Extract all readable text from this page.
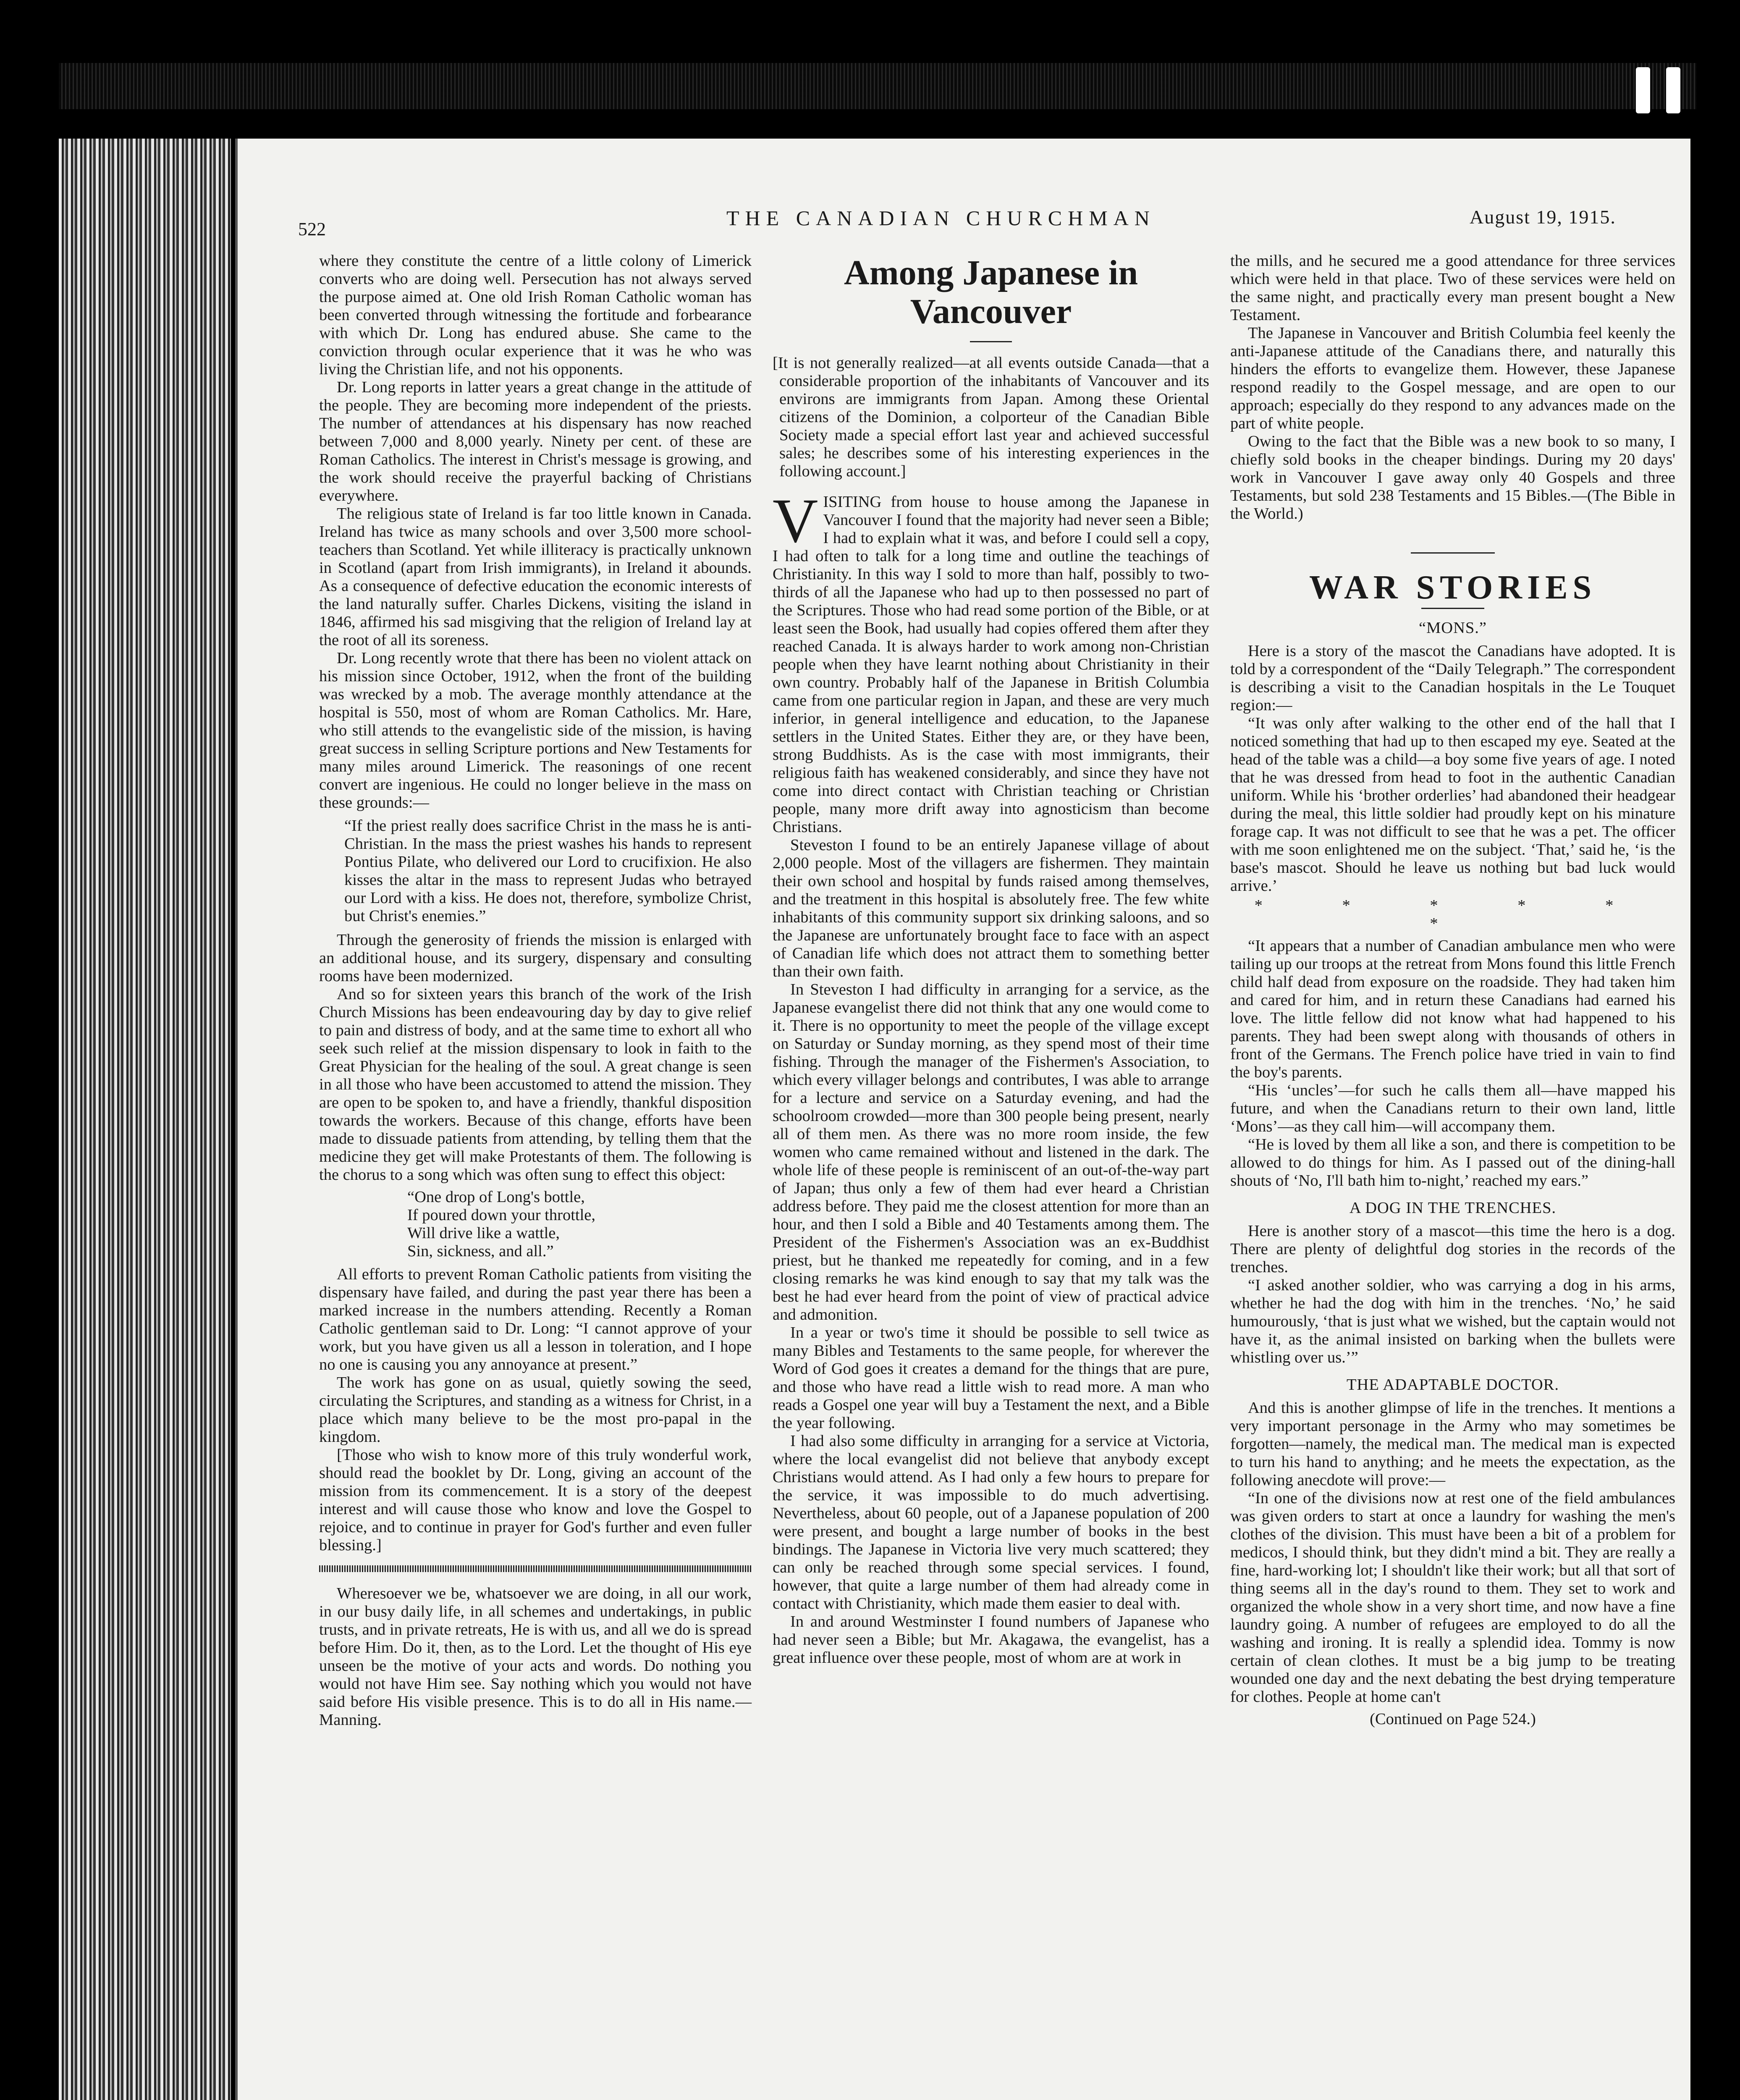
522	THE CANADIAN CHURCHMAN	August 19, 1915.

where they constitute the centre of a little colony of Limerick converts who are doing well. Persecution has not always served the purpose aimed at. One old Irish Roman Catholic woman has been converted through witnessing the fortitude and forbearance with which Dr. Long has endured abuse. She came to the conviction through ocular experience that it was he who was living the Christian life, and not his opponents.

Dr. Long reports in latter years a great change in the attitude of the people. They are becoming more independent of the priests. The number of attendances at his dispensary has now reached between 7,000 and 8,000 yearly. Ninety per cent. of these are Roman Catholics. The interest in Christ's message is growing, and the work should receive the prayerful backing of Christians everywhere.

The religious state of Ireland is far too little known in Canada. Ireland has twice as many schools and over 3,500 more school-teachers than Scotland. Yet while illiteracy is practically unknown in Scotland (apart from Irish immigrants), in Ireland it abounds. As a consequence of defective education the economic interests of the land naturally suffer. Charles Dickens, visiting the island in 1846, affirmed his sad misgiving that the religion of Ireland lay at the root of all its soreness.

Dr. Long recently wrote that there has been no violent attack on his mission since October, 1912, when the front of the building was wrecked by a mob. The average monthly attendance at the hospital is 550, most of whom are Roman Catholics. Mr. Hare, who still attends to the evangelistic side of the mission, is having great success in selling Scripture portions and New Testaments for many miles around Limerick. The reasonings of one recent convert are ingenious. He could no longer believe in the mass on these grounds:—

“If the priest really does sacrifice Christ in the mass he is anti-Christian. In the mass the priest washes his hands to represent Pontius Pilate, who delivered our Lord to crucifixion. He also kisses the altar in the mass to represent Judas who betrayed our Lord with a kiss. He does not, therefore, symbolize Christ, but Christ's enemies.”

Through the generosity of friends the mission is enlarged with an additional house, and its surgery, dispensary and consulting rooms have been modernized.

And so for sixteen years this branch of the work of the Irish Church Missions has been endeavouring day by day to give relief to pain and distress of body, and at the same time to exhort all who seek such relief at the mission dispensary to look in faith to the Great Physician for the healing of the soul. A great change is seen in all those who have been accustomed to attend the mission. They are open to be spoken to, and have a friendly, thankful disposition towards the workers. Because of this change, efforts have been made to dissuade patients from attending, by telling them that the medicine they get will make Protestants of them. The following is the chorus to a song which was often sung to effect this object:

“One drop of Long's bottle,
If poured down your throttle,
Will drive like a wattle,
Sin, sickness, and all.”

All efforts to prevent Roman Catholic patients from visiting the dispensary have failed, and during the past year there has been a marked increase in the numbers attending. Recently a Roman Catholic gentleman said to Dr. Long: “I cannot approve of your work, but you have given us all a lesson in toleration, and I hope no one is causing you any annoyance at present.”

The work has gone on as usual, quietly sowing the seed, circulating the Scriptures, and standing as a witness for Christ, in a place which many believe to be the most pro-papal in the kingdom.

[Those who wish to know more of this truly wonderful work, should read the booklet by Dr. Long, giving an account of the mission from its commencement. It is a story of the deepest interest and will cause those who know and love the Gospel to rejoice, and to continue in prayer for God's further and even fuller blessing.]

Wheresoever we be, whatsoever we are doing, in all our work, in our busy daily life, in all schemes and undertakings, in public trusts, and in private retreats, He is with us, and all we do is spread before Him. Do it, then, as to the Lord. Let the thought of His eye unseen be the motive of your acts and words. Do nothing you would not have Him see. Say nothing which you would not have said before His visible presence. This is to do all in His name.—Manning.

Among Japanese in Vancouver

[It is not generally realized—at all events outside Canada—that a considerable proportion of the inhabitants of Vancouver and its environs are immigrants from Japan. Among these Oriental citizens of the Dominion, a colporteur of the Canadian Bible Society made a special effort last year and achieved successful sales; he describes some of his interesting experiences in the following account.]

VISITING from house to house among the Japanese in Vancouver I found that the majority had never seen a Bible; I had to explain what it was, and before I could sell a copy, I had often to talk for a long time and outline the teachings of Christianity. In this way I sold to more than half, possibly to two-thirds of all the Japanese who had up to then possessed no part of the Scriptures. Those who had read some portion of the Bible, or at least seen the Book, had usually had copies offered them after they reached Canada. It is always harder to work among non-Christian people when they have learnt nothing about Christianity in their own country. Probably half of the Japanese in British Columbia came from one particular region in Japan, and these are very much inferior, in general intelligence and education, to the Japanese settlers in the United States. Either they are, or they have been, strong Buddhists. As is the case with most immigrants, their religious faith has weakened considerably, and since they have not come into direct contact with Christian teaching or Christian people, many more drift away into agnosticism than become Christians.

Steveston I found to be an entirely Japanese village of about 2,000 people. Most of the villagers are fishermen. They maintain their own school and hospital by funds raised among themselves, and the treatment in this hospital is absolutely free. The few white inhabitants of this community support six drinking saloons, and so the Japanese are unfortunately brought face to face with an aspect of Canadian life which does not attract them to something better than their own faith.

In Steveston I had difficulty in arranging for a service, as the Japanese evangelist there did not think that any one would come to it. There is no opportunity to meet the people of the village except on Saturday or Sunday morning, as they spend most of their time fishing. Through the manager of the Fishermen's Association, to which every villager belongs and contributes, I was able to arrange for a lecture and service on a Saturday evening, and had the schoolroom crowded—more than 300 people being present, nearly all of them men. As there was no more room inside, the few women who came remained without and listened in the dark. The whole life of these people is reminiscent of an out-of-the-way part of Japan; thus only a few of them had ever heard a Christian address before. They paid me the closest attention for more than an hour, and then I sold a Bible and 40 Testaments among them. The President of the Fishermen's Association was an ex-Buddhist priest, but he thanked me repeatedly for coming, and in a few closing remarks he was kind enough to say that my talk was the best he had ever heard from the point of view of practical advice and admonition.

In a year or two's time it should be possible to sell twice as many Bibles and Testaments to the same people, for wherever the Word of God goes it creates a demand for the things that are pure, and those who have read a little wish to read more. A man who reads a Gospel one year will buy a Testament the next, and a Bible the year following.

I had also some difficulty in arranging for a service at Victoria, where the local evangelist did not believe that anybody except Christians would attend. As I had only a few hours to prepare for the service, it was impossible to do much advertising. Nevertheless, about 60 people, out of a Japanese population of 200 were present, and bought a large number of books in the best bindings. The Japanese in Victoria live very much scattered; they can only be reached through some special services. I found, however, that quite a large number of them had already come in contact with Christianity, which made them easier to deal with.

In and around Westminster I found numbers of Japanese who had never seen a Bible; but Mr. Akagawa, the evangelist, has a great influence over these people, most of whom are at work in

the mills, and he secured me a good attendance for three services which were held in that place. Two of these services were held on the same night, and practically every man present bought a New Testament.

The Japanese in Vancouver and British Columbia feel keenly the anti-Japanese attitude of the Canadians there, and naturally this hinders the efforts to evangelize them. However, these Japanese respond readily to the Gospel message, and are open to our approach; especially do they respond to any advances made on the part of white people.

Owing to the fact that the Bible was a new book to so many, I chiefly sold books in the cheaper bindings. During my 20 days' work in Vancouver I gave away only 40 Gospels and three Testaments, but sold 238 Testaments and 15 Bibles.—(The Bible in the World.)

WAR STORIES
“MONS.”

Here is a story of the mascot the Canadians have adopted. It is told by a correspondent of the “Daily Telegraph.” The correspondent is describing a visit to the Canadian hospitals in the Le Touquet region:—

“It was only after walking to the other end of the hall that I noticed something that had up to then escaped my eye. Seated at the head of the table was a child—a boy some five years of age. I noted that he was dressed from head to foot in the authentic Canadian uniform. While his ‘brother orderlies’ had abandoned their headgear during the meal, this little soldier had proudly kept on his minature forage cap. It was not difficult to see that he was a pet. The officer with me soon enlightened me on the subject. ‘That,’ said he, ‘is the base's mascot. Should he leave us nothing but bad luck would arrive.’

* * * * * *

“It appears that a number of Canadian ambulance men who were tailing up our troops at the retreat from Mons found this little French child half dead from exposure on the roadside. They had taken him and cared for him, and in return these Canadians had earned his love. The little fellow did not know what had happened to his parents. They had been swept along with thousands of others in front of the Germans. The French police have tried in vain to find the boy's parents.

“His ‘uncles’—for such he calls them all—have mapped his future, and when the Canadians return to their own land, little ‘Mons’—as they call him—will accompany them.

“He is loved by them all like a son, and there is competition to be allowed to do things for him. As I passed out of the dining-hall shouts of ‘No, I'll bath him to-night,’ reached my ears.”

A DOG IN THE TRENCHES.

Here is another story of a mascot—this time the hero is a dog. There are plenty of delightful dog stories in the records of the trenches.

“I asked another soldier, who was carrying a dog in his arms, whether he had the dog with him in the trenches. ‘No,’ he said humourously, ‘that is just what we wished, but the captain would not have it, as the animal insisted on barking when the bullets were whistling over us.’”

THE ADAPTABLE DOCTOR.

And this is another glimpse of life in the trenches. It mentions a very important personage in the Army who may sometimes be forgotten—namely, the medical man. The medical man is expected to turn his hand to anything; and he meets the expectation, as the following anecdote will prove:—

“In one of the divisions now at rest one of the field ambulances was given orders to start at once a laundry for washing the men's clothes of the division. This must have been a bit of a problem for medicos, I should think, but they didn't mind a bit. They are really a fine, hard-working lot; I shouldn't like their work; but all that sort of thing seems all in the day's round to them. They set to work and organized the whole show in a very short time, and now have a fine laundry going. A number of refugees are employed to do all the washing and ironing. It is really a splendid idea. Tommy is now certain of clean clothes. It must be a big jump to be treating wounded one day and the next debating the best drying temperature for clothes. People at home can't

(Continued on Page 524.)
